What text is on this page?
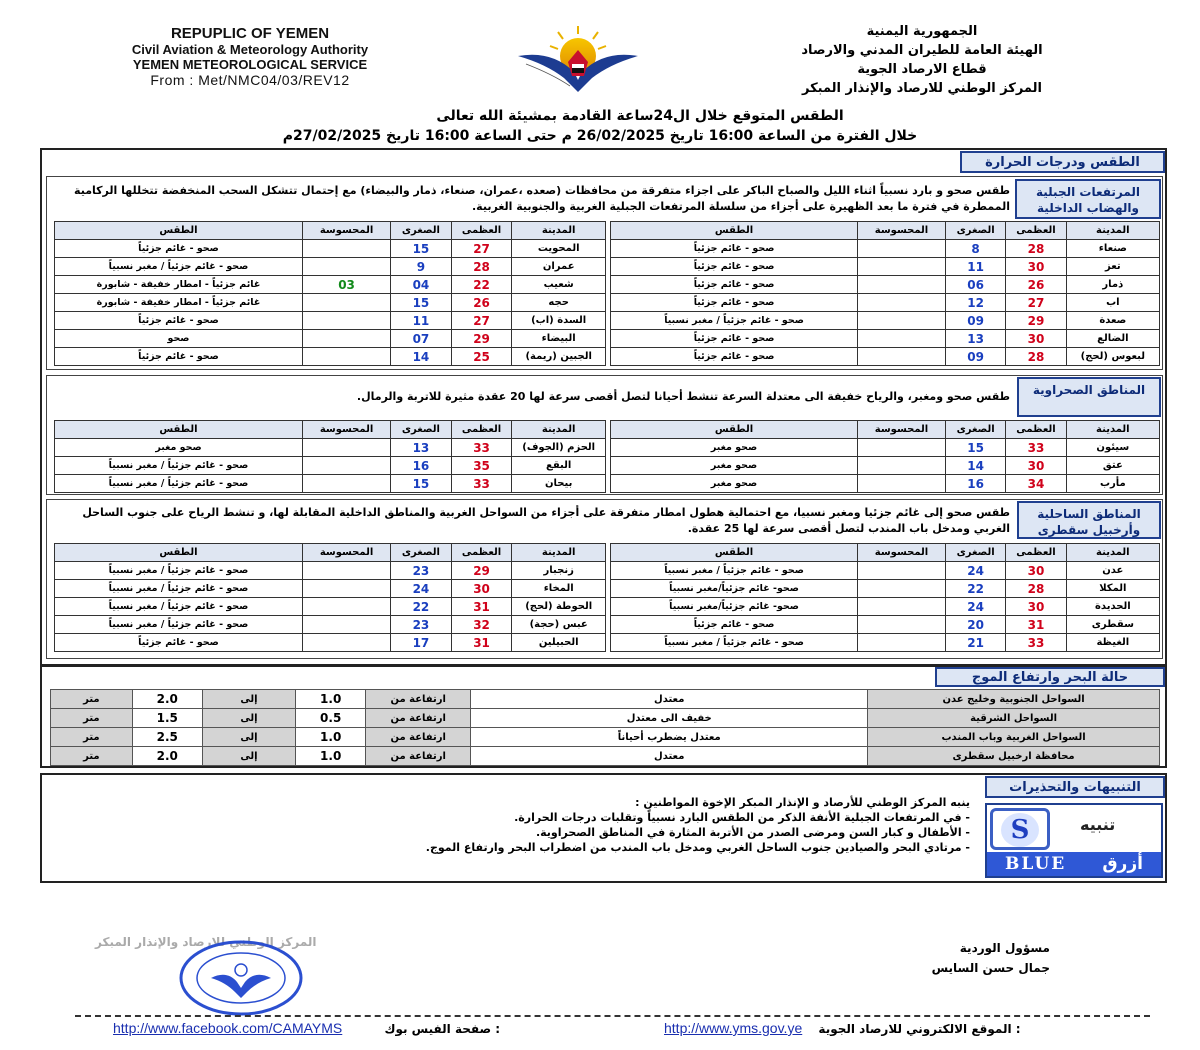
REPUPLIC OF YEMEN
Civil Aviation & Meteorology Authority
YEMEN METEOROLOGICAL SERVICE
From : Met/NMC04/03/REV12
الجمهورية اليمنية
الهيئة العامة للطيران المدني والارصاد
قطاع الارصاد الجوية
المركز الوطني للارصاد والإنذار المبكر
الطقس المتوقع خلال ال24ساعة القادمة بمشيئة الله تعالى
خلال الفترة من الساعة 16:00 تاريخ 26/02/2025 م حتى الساعة 16:00 تاريخ 27/02/2025م
الطقس ودرجات الحرارة
المرتفعات الجبلية والهضاب الداخلية
طقس صحو و بارد نسبياً اثناء الليل والصباح الباكر على اجزاء متفرقة من محافظات (صعده ،عمران، صنعاء، ذمار والبيضاء) مع إحتمال تتشكل السحب المنخفضة تتخللها الركامية الممطرة في فترة ما بعد الظهيرة على أجزاء من سلسلة المرتفعات الجبلية الغربية والجنوبية الغربية.
المدينة	العظمى	الصغرى	المحسوسة	الطقس
صنعاء	28	8		صحو - غائم جزئياً
تعز	30	11		صحو - غائم جزئياً
ذمار	26	06		صحو - غائم جزئياً
اب	27	12		صحو - غائم جزئياً
صعدة	29	09		صحو - غائم جزئياً / مغبر نسبياً
الضالع	30	13		صحو - غائم جزئياً
لبعوس (لحج)	28	09		صحو - غائم جزئياً
المدينة	العظمى	الصغرى	المحسوسة	الطقس
المحويت	27	15		صحو - غائم جزئياً
عمران	28	9		صحو - غائم جزئياً / مغبر نسبياً
شعيب	22	04	03	غائم جزئياً - امطار خفيفة - شابورة
حجه	26	15		غائم جزئياً - امطار خفيفة - شابورة
السدة (اب)	27	11		صحو - غائم جزئياً
البيضاء	29	07		صحو
الجبين (ريمة)	25	14		صحو - غائم جزئياً
المناطق الصحراوية
طقس صحو ومغبر، والرياح خفيفة الى معتدلة السرعة تنشط أحيانا لتصل أقصى سرعة لها 20 عقدة مثيرة للاتربة والرمال.
المدينة	العظمى	الصغرى	المحسوسة	الطقس
سيئون	33	15		صحو مغبر
عتق	30	14		صحو مغبر
مأرب	34	16		صحو مغبر
المدينة	العظمى	الصغرى	المحسوسة	الطقس
الحزم (الجوف)	33	13		صحو مغبر
البقع	35	16		صحو - غائم جزئياً / مغبر نسبياً
بيحان	33	15		صحو - غائم جزئياً / مغبر نسبياً
المناطق الساحلية وأرخبيل سقطرى
طقس صحو إلى غائم جزئيا ومغبر نسبيا، مع احتمالية هطول امطار متفرقة على أجزاء من السواحل الغربية والمناطق الداخلية المقابلة لها، و تنشط الرياح على جنوب الساحل الغربي ومدخل باب المندب لتصل أقصى سرعة لها 25 عقدة.
المدينة	العظمى	الصغرى	المحسوسة	الطقس
عدن	30	24		صحو - غائم جزئياً / مغبر نسبياً
المكلا	28	22		صحو- غائم جزئياً/مغبر نسبياً
الحديدة	30	24		صحو- غائم جزئياً/مغبر نسبياً
سقطرى	31	20		صحو - غائم جزئياً
الغيظة	33	21		صحو - غائم جزئياً / مغبر نسبياً
المدينة	العظمى	الصغرى	المحسوسة	الطقس
زنجبار	29	23		صحو - غائم جزئياً / مغبر نسبياً
المخاء	30	24		صحو - غائم جزئياً / مغبر نسبياً
الحوطة (لحج)	31	22		صحو - غائم جزئياً / مغبر نسبياً
عبس (حجة)	32	23		صحو - غائم جزئياً / مغبر نسبياً
الحبيلين	31	17		صحو - غائم جزئياً
حالة البحر وارتفاع الموج
السواحل الجنوبية وخليج عدن	معتدل	ارتفاعة من	1.0	إلى	2.0	متر
السواحل الشرقية	خفيف الى معتدل	ارتفاعة من	0.5	إلى	1.5	متر
السواحل الغربية وباب المندب	معتدل يضطرب أحياناً	ارتفاعة من	1.0	إلى	2.5	متر
محافظة ارخبيل سقطرى	معتدل	ارتفاعة من	1.0	إلى	2.0	متر
التنبيهات والتحذيرات
ينبه المركز الوطني للأرصاد و الإنذار المبكر الإخوة المواطنين :
- في المرتفعات الجبلية الأنفة الذكر من الطقس البارد نسبياً وتقلبات درجات الحرارة.
- الأطفال و كبار السن ومرضى الصدر من الأتربة المثارة في المناطق الصحراوية.
- مرتادي البحر والصيادين جنوب الساحل الغربي ومدخل باب المندب من اضطراب البحر وارتفاع الموج.
S	تنبيه
BLUE أزرق
المركز الوطني للارصاد والإنذار المبكر	مسؤول الوردية
جمال حسن السايس
http://www.facebook.com/CAMAYMS	صفحة الفيس بوك :	http://www.yms.gov.ye الموقع الالكتروني للارصاد الجوية :
